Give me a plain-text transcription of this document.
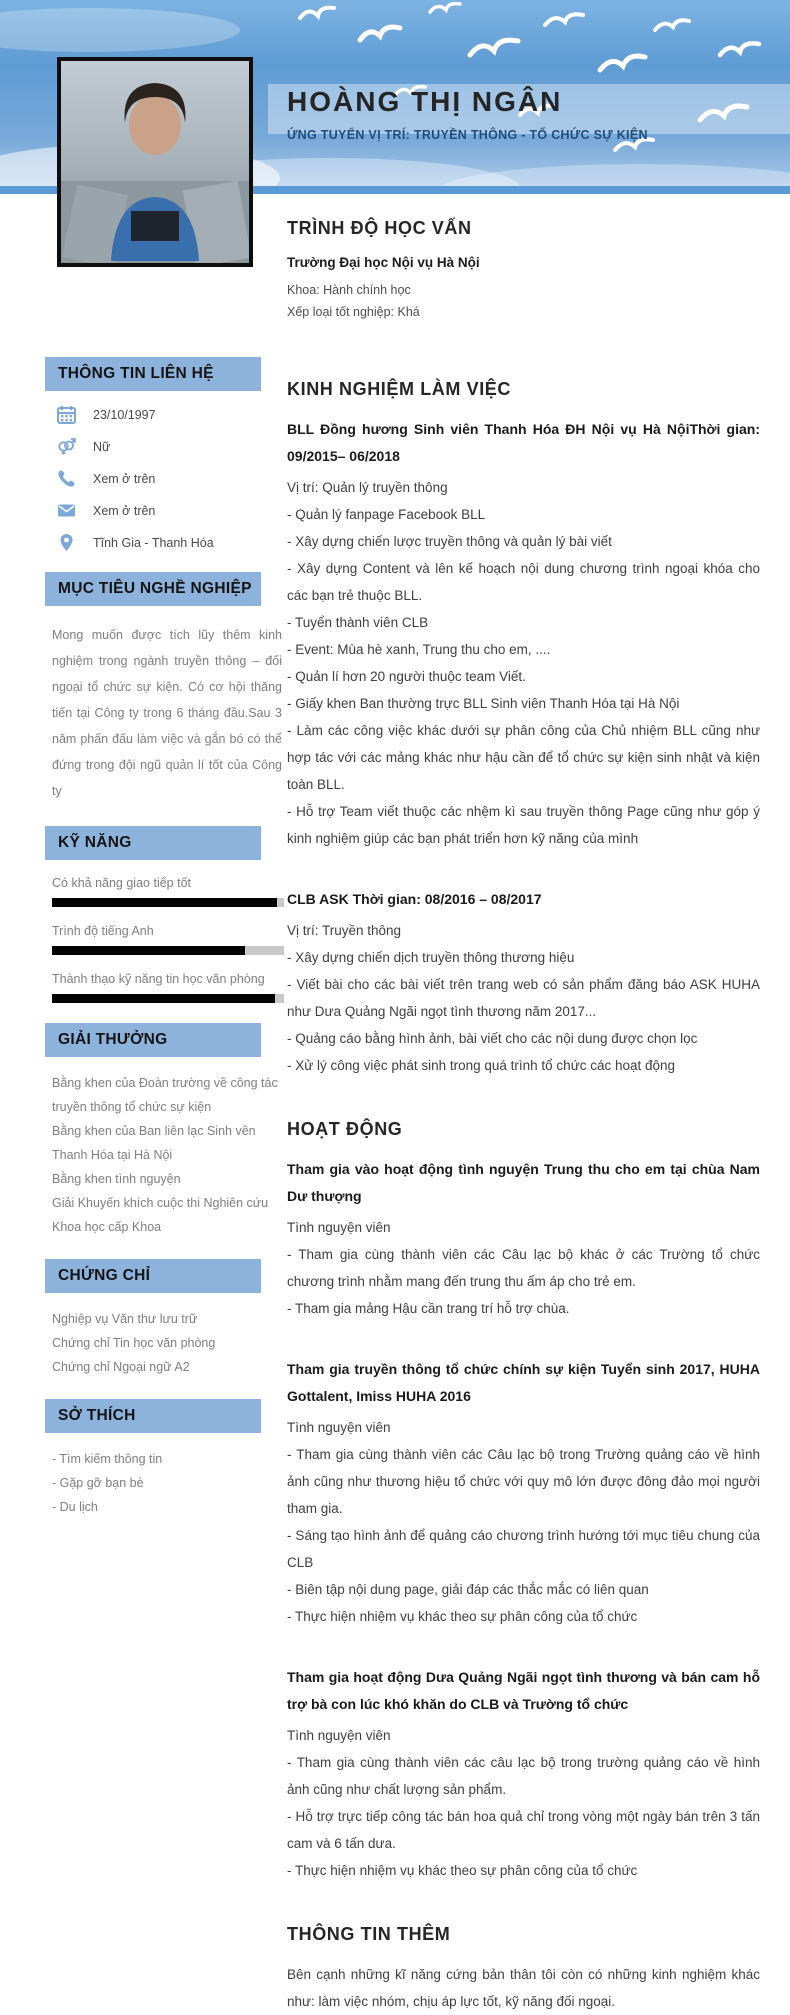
HOÀNG THỊ NGÂN
ỨNG TUYỂN VỊ TRÍ: TRUYỀN THÔNG - TỔ CHỨC SỰ KIỆN
THÔNG TIN LIÊN HỆ
23/10/1997
Nữ
Xem ở trên
Xem ở trên
Tĩnh Gia - Thanh Hóa
MỤC TIÊU NGHỀ NGHIỆP
Mong muốn được tích lũy thêm kinh nghiệm trong ngành truyền thông – đối ngoại tổ chức sự kiện. Có cơ hội thăng tiến tại Công ty trong 6 tháng đầu.Sau 3 năm phấn đấu làm việc và gắn bó có thể đứng trong đội ngũ quản lí tốt của Công ty
KỸ NĂNG
Có khả năng giao tiếp tốt
Trình độ tiếng Anh
Thành thạo kỹ năng tin học văn phòng
GIẢI THƯỞNG
Bằng khen của Đoàn trường về công tác truyền thông tổ chức sự kiện
Bằng khen của Ban liên lạc Sinh vên Thanh Hóa tại Hà Nội
Bằng khen tình nguyện
Giải Khuyến khích cuộc thi Nghiên cứu Khoa học cấp Khoa
CHỨNG CHỈ
Nghiệp vụ Văn thư lưu trữ
Chứng chỉ Tin học văn phòng
Chứng chỉ Ngoại ngữ A2
SỞ THÍCH
- Tìm kiếm thông tin
- Gặp gỡ bạn bè
- Du lịch
TRÌNH ĐỘ HỌC VẤN
Trường Đại học Nội vụ Hà Nội
Khoa: Hành chính học
Xếp loại tốt nghiệp: Khá
KINH NGHIỆM LÀM VIỆC
BLL Đồng hương Sinh viên Thanh Hóa ĐH Nội vụ Hà NộiThời gian: 09/2015– 06/2018
Vị trí: Quản lý truyền thông
- Quản lý fanpage Facebook BLL
- Xây dựng chiến lược truyền thông và quản lý bài viết
- Xây dựng Content và lên kế hoạch nội dung chương trình ngoại khóa cho các bạn trẻ thuộc BLL.
- Tuyển thành viên CLB
- Event: Mùa hè xanh, Trung thu cho em, ....
- Quản lí hơn 20 người thuộc team Viết.
- Giấy khen Ban thường trực BLL Sinh viên Thanh Hóa tại Hà Nội
- Làm các công việc khác dưới sự phân công của Chủ nhiệm BLL cũng như hợp tác với các mảng khác như hậu cần để tổ chức sự kiện sinh nhật và kiện toàn BLL.
- Hỗ trợ Team viết thuộc các nhệm kì sau truyền thông Page cũng như góp ý kinh nghiệm giúp các bạn phát triển hơn kỹ năng của mình
CLB ASK Thời gian: 08/2016 – 08/2017
Vị trí: Truyền thông
- Xây dựng chiến dịch truyền thông thương hiệu
- Viết bài cho các bài viết trên trang web có sản phẩm đăng báo ASK HUHA như Dưa Quảng Ngãi ngọt tình thương năm 2017...
- Quảng cáo bằng hình ảnh, bài viết cho các nội dung được chọn lọc
- Xử lý công việc phát sinh trong quá trình tổ chức các hoạt động
HOẠT ĐỘNG
Tham gia vào hoạt động tình nguyện Trung thu cho em tại chùa Nam Dư thượng
Tình nguyện viên
- Tham gia cùng thành viên các Câu lạc bộ khác ở các Trường tổ chức chương trình nhằm mang đến trung thu ấm áp cho trẻ em.
- Tham gia mảng Hậu cần trang trí hỗ trợ chùa.
Tham gia truyền thông tổ chức chính sự kiện Tuyển sinh 2017, HUHA Gottalent, Imiss HUHA 2016
Tình nguyện viên
- Tham gia cùng thành viên các Câu lạc bộ trong Trường quảng cáo về hình ảnh cũng như thương hiệu tổ chức với quy mô lớn được đông đảo mọi người tham gia.
- Sáng tạo hình ảnh để quảng cáo chương trình hướng tới mục tiêu chung của CLB
- Biên tập nội dung page, giải đáp các thắc mắc có liên quan
- Thực hiện nhiệm vụ khác theo sự phân công của tổ chức
Tham gia hoạt động Dưa Quảng Ngãi ngọt tình thương và bán cam hỗ trợ bà con lúc khó khăn do CLB và Trường tổ chức
Tình nguyện viên
- Tham gia cùng thành viên các câu lạc bộ trong trường quảng cáo về hình ảnh cũng như chất lượng sản phẩm.
- Hỗ trợ trực tiếp công tác bán hoa quả chỉ trong vòng một ngày bán trên 3 tấn cam và 6 tấn dưa.
- Thực hiện nhiệm vụ khác theo sự phân công của tổ chức
THÔNG TIN THÊM
Bên cạnh những kĩ năng cứng bản thân tôi còn có những kinh nghiệm khác như: làm việc nhóm, chịu áp lực tốt, kỹ năng đối ngoại.
